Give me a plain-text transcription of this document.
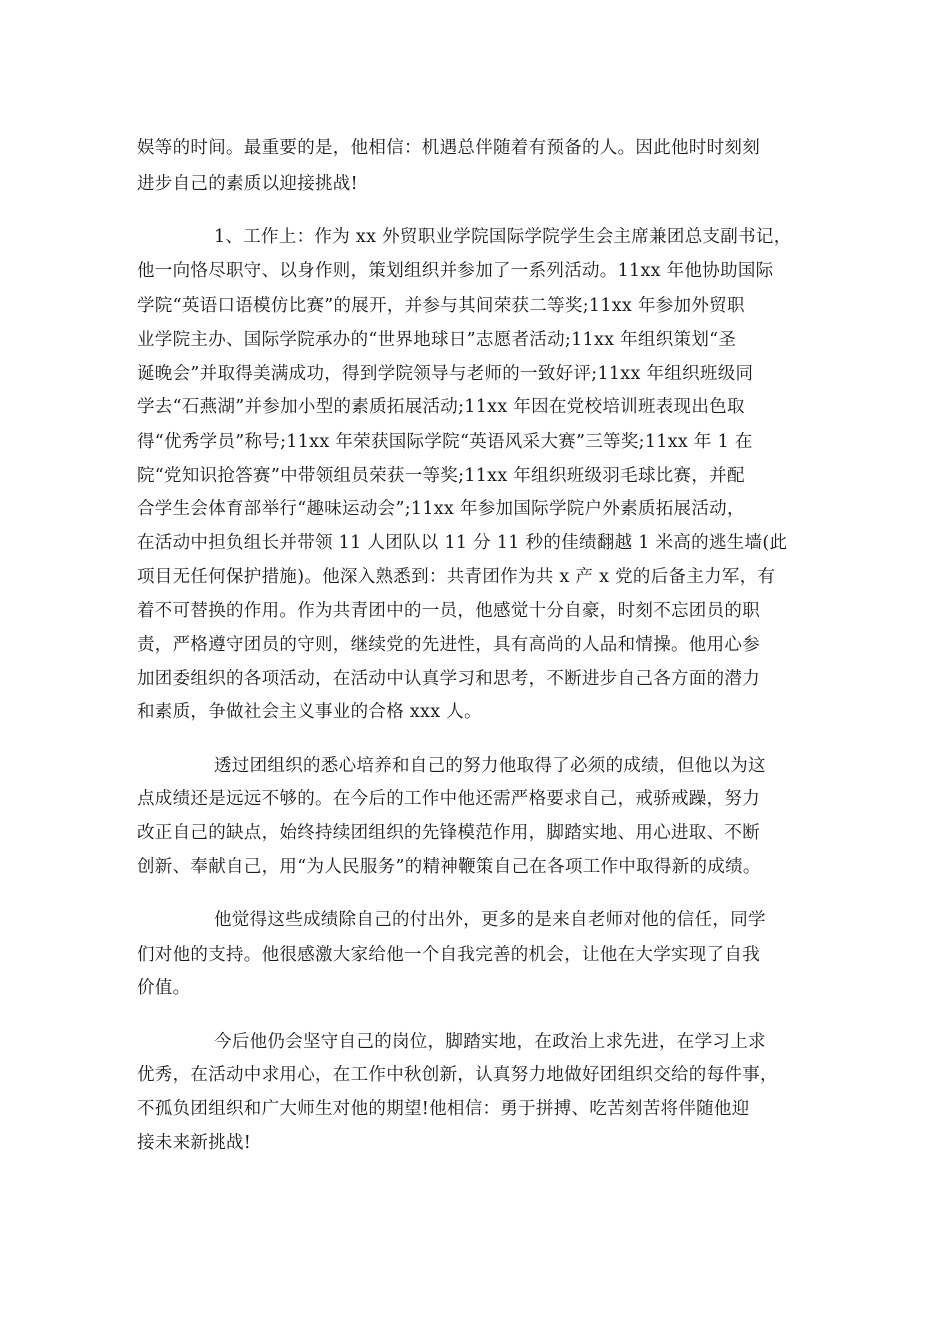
娱等的时间。最重要的是，他相信：机遇总伴随着有预备的人。因此他时时刻刻
进步自己的素质以迎接挑战!
1、工作上：作为 xx 外贸职业学院国际学院学生会主席兼团总支副书记，
他一向恪尽职守、以身作则，策划组织并参加了一系列活动。11xx 年他协助国际
学院“英语口语模仿比赛”的展开，并参与其间荣获二等奖;11xx 年参加外贸职
业学院主办、国际学院承办的“世界地球日”志愿者活动;11xx 年组织策划“圣
诞晚会”并取得美满成功，得到学院领导与老师的一致好评;11xx 年组织班级同
学去“石燕湖”并参加小型的素质拓展活动;11xx 年因在党校培训班表现出色取
得“优秀学员”称号;11xx 年荣获国际学院“英语风采大赛”三等奖;11xx 年 1 在
院“党知识抢答赛”中带领组员荣获一等奖;11xx 年组织班级羽毛球比赛，并配
合学生会体育部举行“趣味运动会”;11xx 年参加国际学院户外素质拓展活动，
在活动中担负组长并带领 11 人团队以 11 分 11 秒的佳绩翻越 1 米高的逃生墙(此
项目无任何保护措施)。他深入熟悉到：共青团作为共 x 产 x 党的后备主力军，有
着不可替换的作用。作为共青团中的一员，他感觉十分自豪，时刻不忘团员的职
责，严格遵守团员的守则，继续党的先进性，具有高尚的人品和情操。他用心参
加团委组织的各项活动，在活动中认真学习和思考，不断进步自己各方面的潜力
和素质，争做社会主义事业的合格 xxx 人。
透过团组织的悉心培养和自己的努力他取得了必须的成绩，但他以为这
点成绩还是远远不够的。在今后的工作中他还需严格要求自己，戒骄戒躁，努力
改正自己的缺点，始终持续团组织的先锋模范作用，脚踏实地、用心进取、不断
创新、奉献自己，用“为人民服务”的精神鞭策自己在各项工作中取得新的成绩。
他觉得这些成绩除自己的付出外，更多的是来自老师对他的信任，同学
们对他的支持。他很感激大家给他一个自我完善的机会，让他在大学实现了自我
价值。
今后他仍会坚守自己的岗位，脚踏实地，在政治上求先进，在学习上求
优秀，在活动中求用心，在工作中秋创新，认真努力地做好团组织交给的每件事，
不孤负团组织和广大师生对他的期望!他相信：勇于拼搏、吃苦刻苦将伴随他迎
接未来新挑战!
